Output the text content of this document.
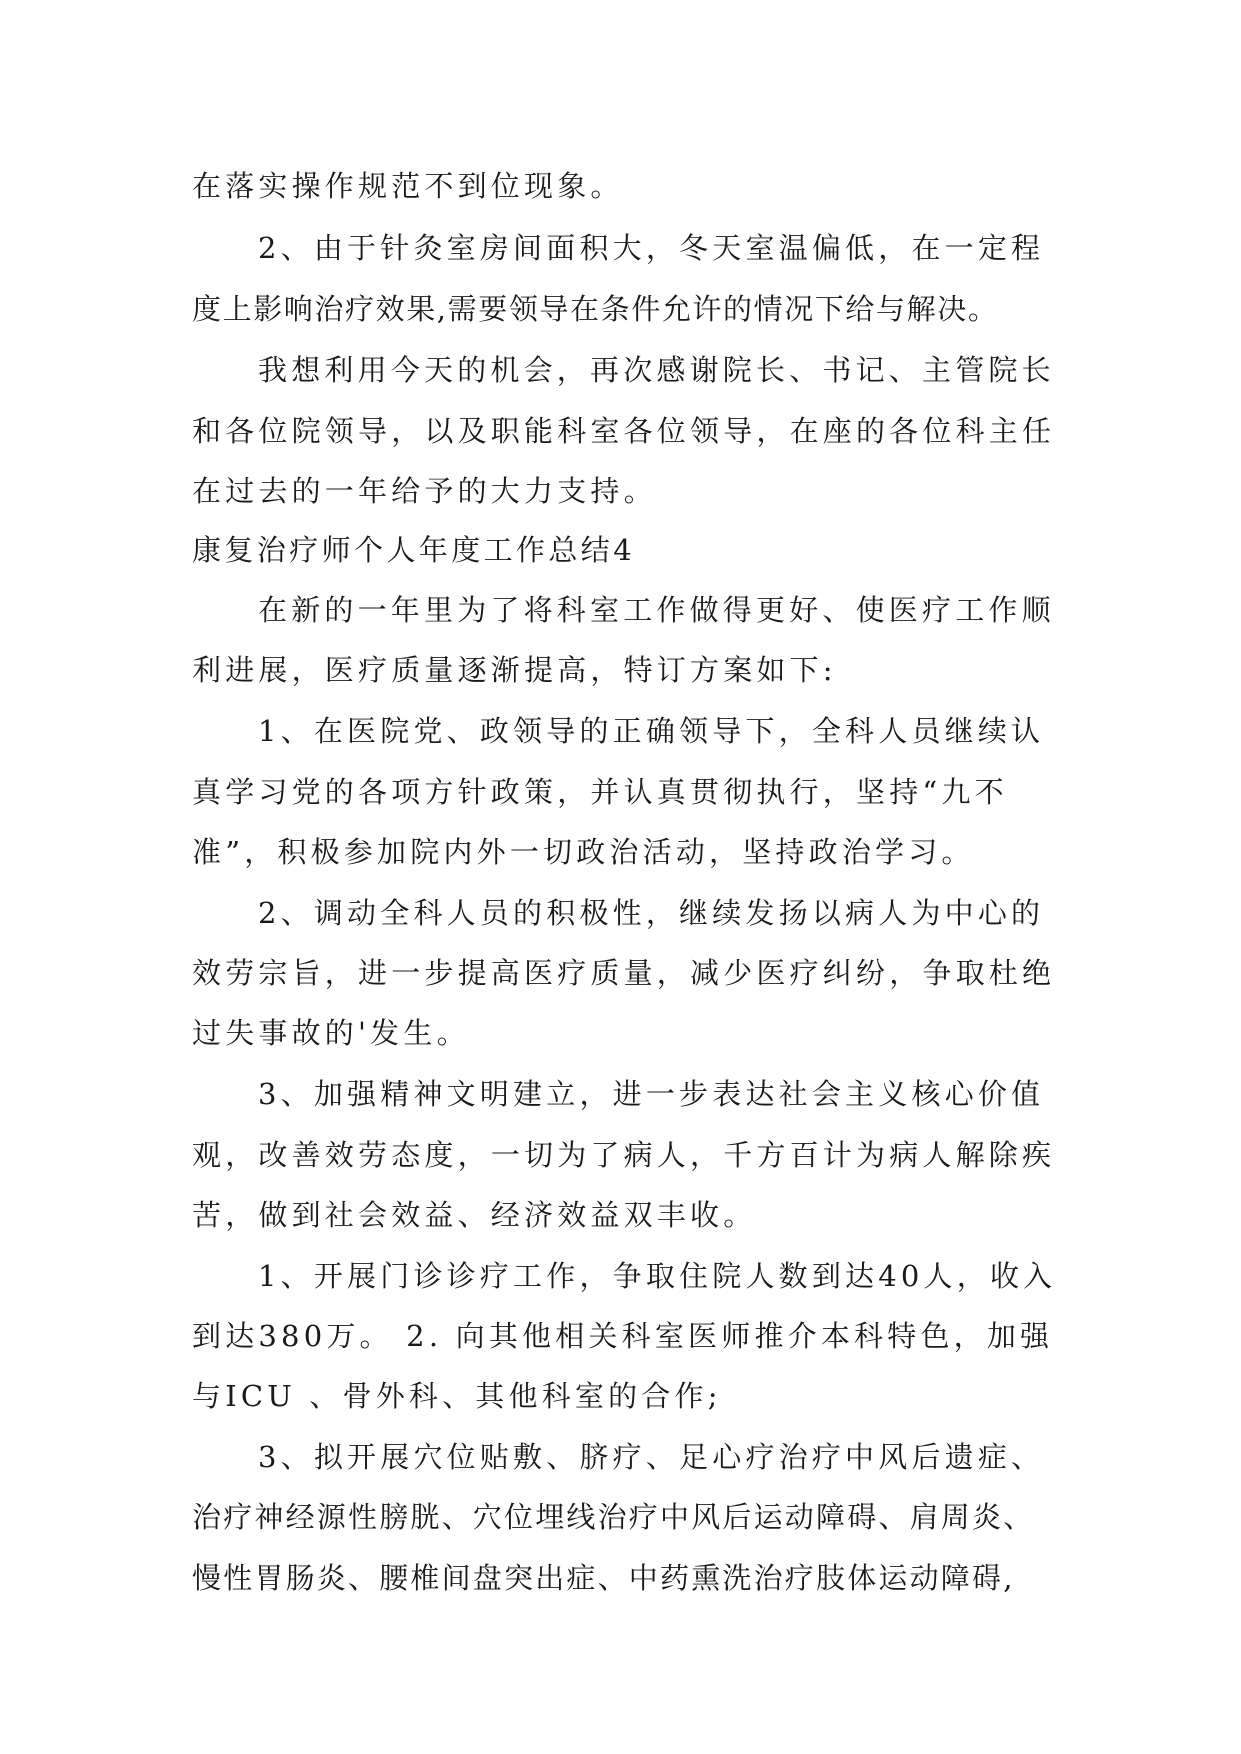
在落实操作规范不到位现象。
2、由于针灸室房间面积大，冬天室温偏低，在一定程
度上影响治疗效果,需要领导在条件允许的情况下给与解决。
我想利用今天的机会，再次感谢院长、书记、主管院长
和各位院领导，以及职能科室各位领导，在座的各位科主任
在过去的一年给予的大力支持。
康复治疗师个人年度工作总结4
在新的一年里为了将科室工作做得更好、使医疗工作顺
利进展，医疗质量逐渐提高，特订方案如下:
1、在医院党、政领导的正确领导下，全科人员继续认
真学习党的各项方针政策，并认真贯彻执行，坚持“九不
准”，积极参加院内外一切政治活动，坚持政治学习。
2、调动全科人员的积极性，继续发扬以病人为中心的
效劳宗旨，进一步提高医疗质量，减少医疗纠纷，争取杜绝
过失事故的'发生。
3、加强精神文明建立，进一步表达社会主义核心价值
观，改善效劳态度，一切为了病人，千方百计为病人解除疾
苦，做到社会效益、经济效益双丰收。
1、开展门诊诊疗工作，争取住院人数到达40人，收入
到达380万。 2. 向其他相关科室医师推介本科特色，加强
与ICU 、骨外科、其他科室的合作;
3、拟开展穴位贴敷、脐疗、足心疗治疗中风后遗症、
治疗神经源性膀胱、穴位埋线治疗中风后运动障碍、肩周炎、
慢性胃肠炎、腰椎间盘突出症、中药熏洗治疗肢体运动障碍,
